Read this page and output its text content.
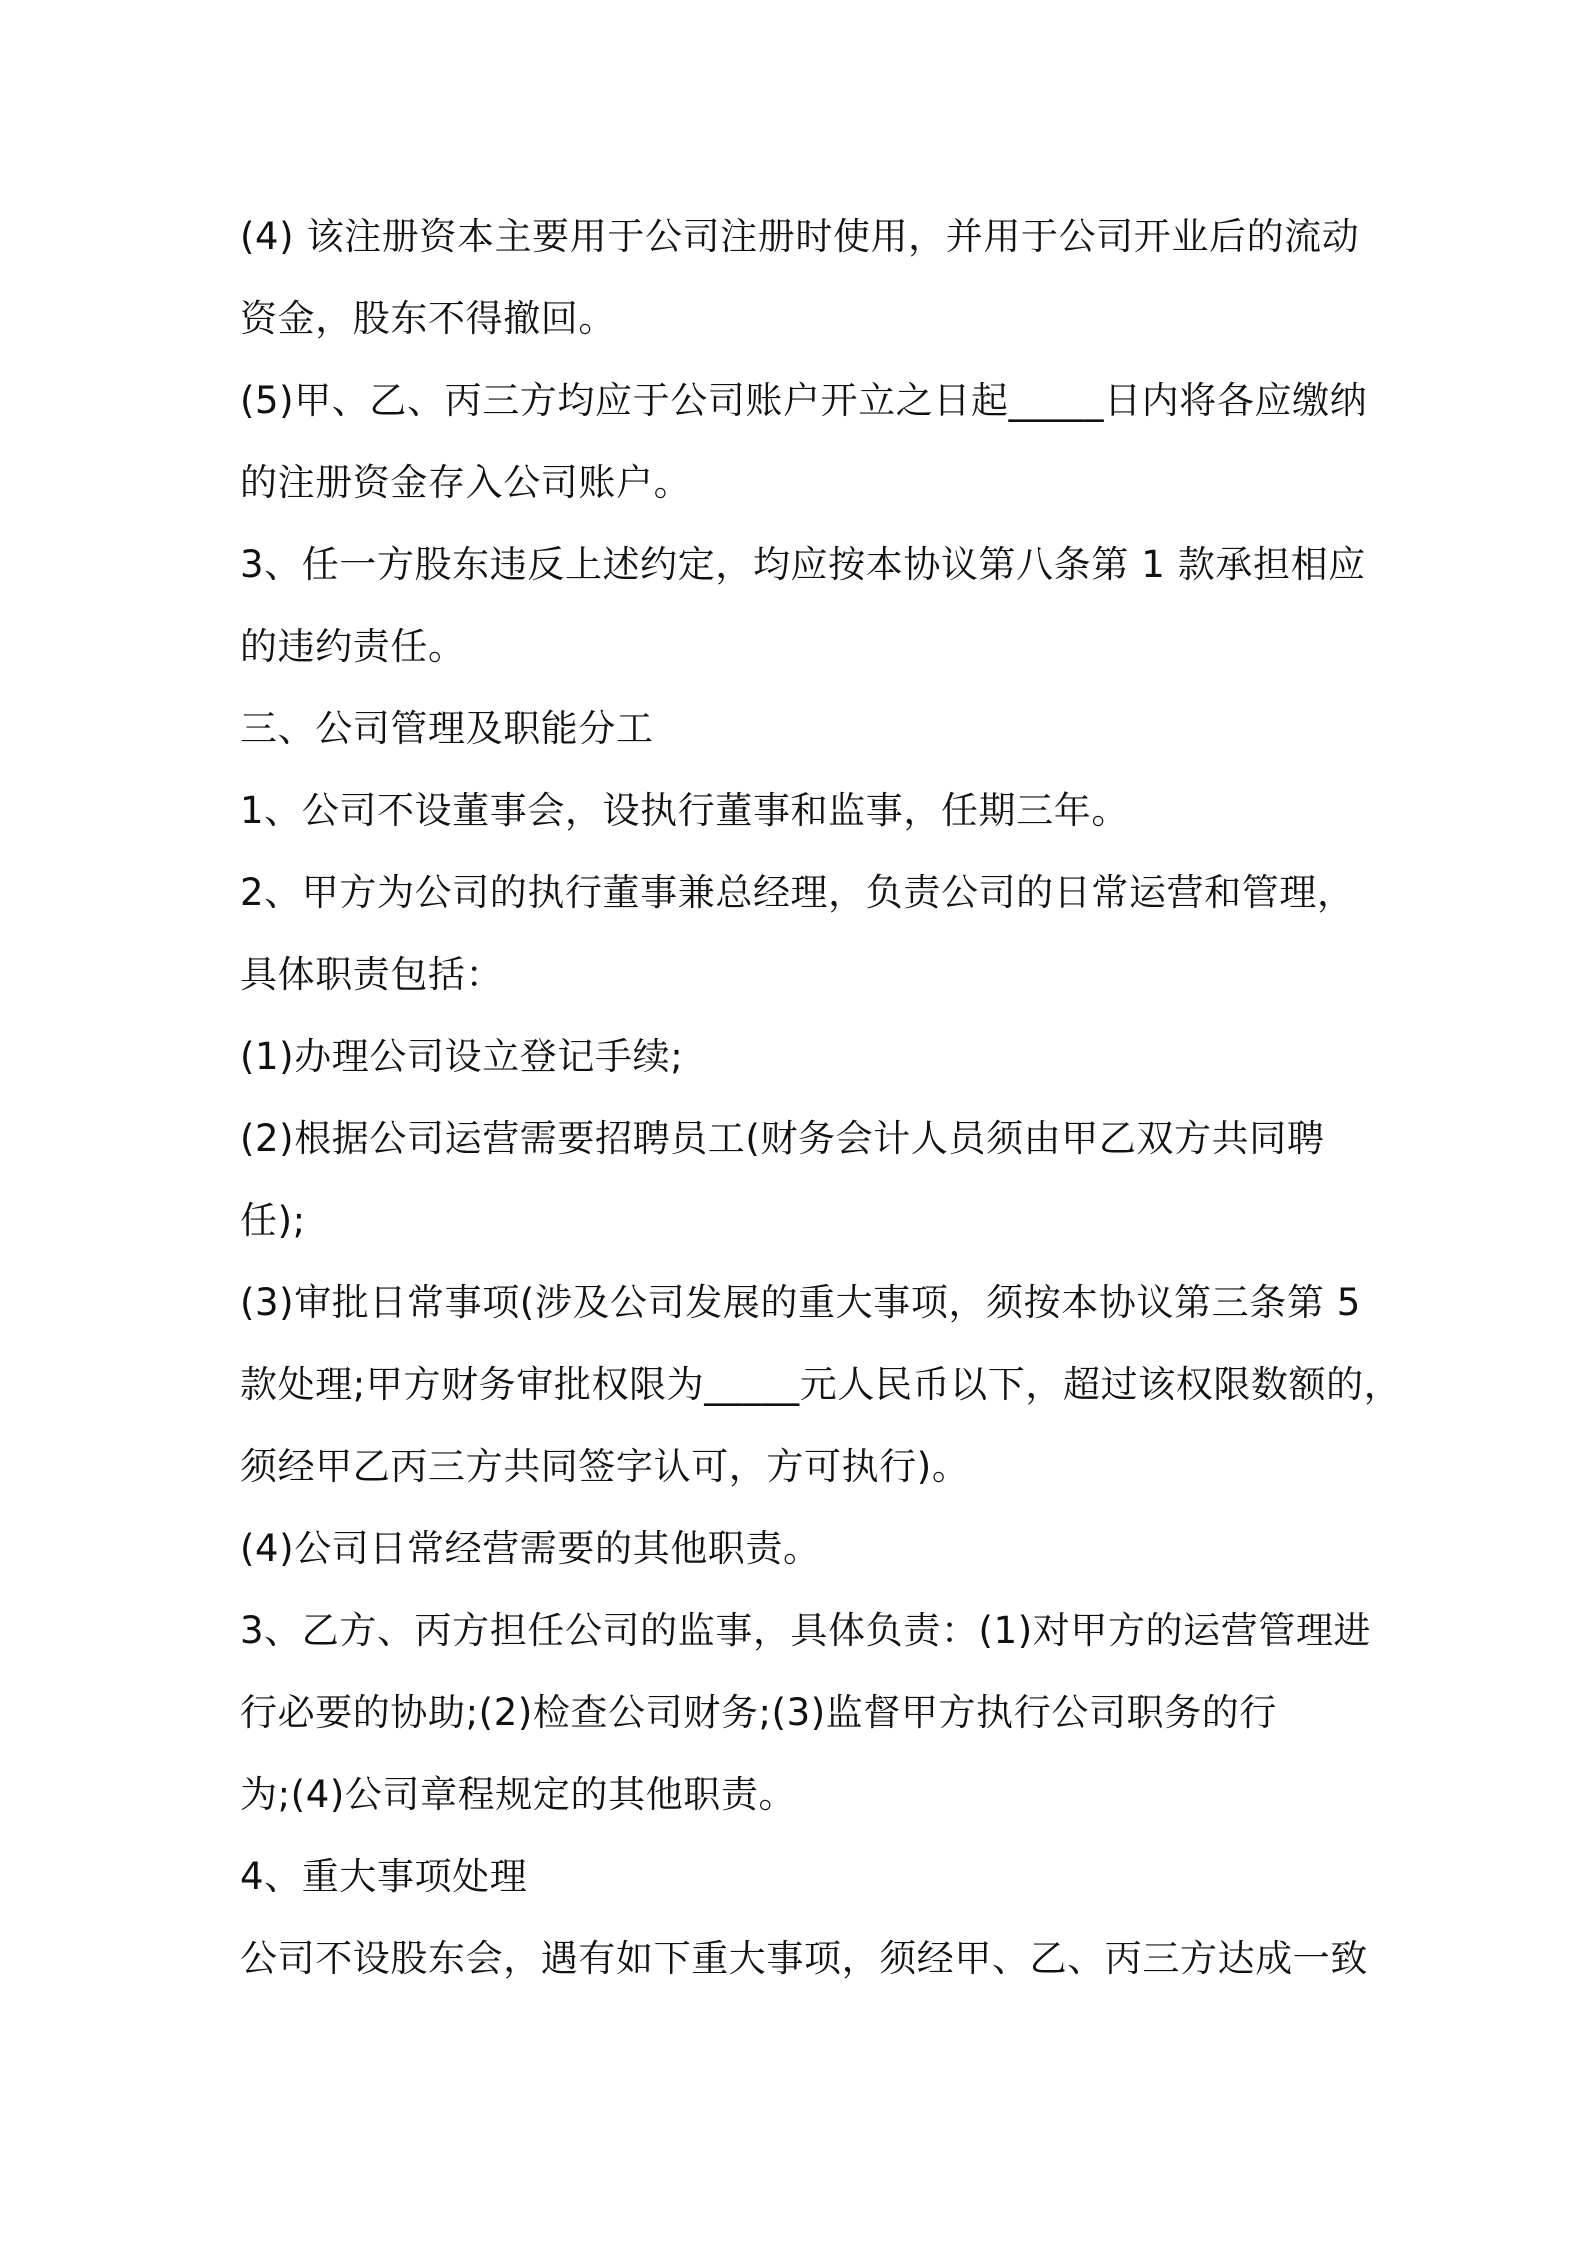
(4) 该注册资本主要用于公司注册时使用，并用于公司开业后的流动
资金，股东不得撤回。
(5)甲、乙、丙三方均应于公司账户开立之日起_____日内将各应缴纳
的注册资金存入公司账户。
3、任一方股东违反上述约定，均应按本协议第八条第 1 款承担相应
的违约责任。
三、公司管理及职能分工
1、公司不设董事会，设执行董事和监事，任期三年。
2、甲方为公司的执行董事兼总经理，负责公司的日常运营和管理，
具体职责包括：
(1)办理公司设立登记手续;
(2)根据公司运营需要招聘员工(财务会计人员须由甲乙双方共同聘
任);
(3)审批日常事项(涉及公司发展的重大事项，须按本协议第三条第 5
款处理;甲方财务审批权限为_____元人民币以下，超过该权限数额的，
须经甲乙丙三方共同签字认可，方可执行)。
(4)公司日常经营需要的其他职责。
3、乙方、丙方担任公司的监事，具体负责：(1)对甲方的运营管理进
行必要的协助;(2)检查公司财务;(3)监督甲方执行公司职务的行
为;(4)公司章程规定的其他职责。
4、重大事项处理
公司不设股东会，遇有如下重大事项，须经甲、乙、丙三方达成一致
